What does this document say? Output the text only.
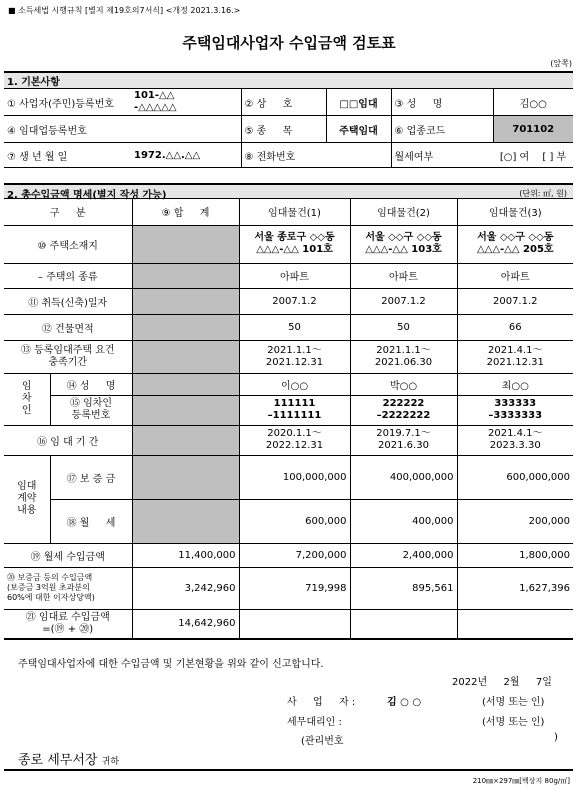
■ 소득세법 시행규칙 [별지 제19호의7서식] <개정 2021.3.16.>
주택임대사업자 수입금액 검토표
(앞쪽)
1. 기본사항					
① 사업자(주민)등록번호	101-△△
-△△△△△	② 상 　 호	□□임대	③ 성 　 명	김○○
④ 임대업등록번호		⑤ 종 　 목	주택임대	⑥ 업종코드	701102
⑦ 생 년 월 일	1972.△△.△△	⑧ 전화번호		월세여부	[○] 여 　[ ] 부
2. 총수입금액 명세(별지 작성 가능)	(단위: ㎡, 원)
구 　 분		⑨ 합 　 계	임대물건(1)	임대물건(2)	임대물건(3)
⑩ 주택소재지			서울 종로구 ◇◇동
△△△-△△ 101호	서울 ◇◇구 ◇◇동
△△△-△△ 103호	서울 ◇◇구 ◇◇동
△△△-△△ 205호
– 주택의 종류			아파트	아파트	아파트
⑪ 취득(신축)일자			2007.1.2	2007.1.2	2007.1.2
⑫ 건물면적			50	50	66
⑬ 등록임대주택 요건
충족기간			2021.1.1～
2021.12.31	2021.1.1～
2021.06.30	2021.4.1～
2021.12.31
임
차
인	⑭ 성 　 명		이○○	박○○	최○○
	⑮ 임차인
등록번호		111111
–1111111	222222
–2222222	333333
–3333333
⑯ 임 대 기 간			2020.1.1～
2022.12.31	2019.7.1～
2021.6.30	2021.4.1～
2023.3.30
임대
계약
내용	⑰ 보 증 금		100,000,000	400,000,000	600,000,000
	⑱ 월 　 세		600,000	400,000	200,000
⑲ 월세 수입금액		11,400,000	7,200,000	2,400,000	1,800,000
⑳ 보증금 등의 수입금액
(보증금 3억원 초과분의
60%에 대한 이자상당액)		3,242,960	719,998	895,561	1,627,396
㉑ 임대료 수입금액
=(⑲ + ⑳)		14,642,960			
주택임대사업자에 대한 수입금액 및 기본현황을 위와 같이 신고합니다.
2022년 　 2월 　 7일
사 　 업 　 자 :	김 ○ ○	(서명 또는 인)
세무대리인 :	(서명 또는 인)
(관리번호	)
종로 세무서장 귀하
210㎜×297㎜[백상지 80g/㎡]
